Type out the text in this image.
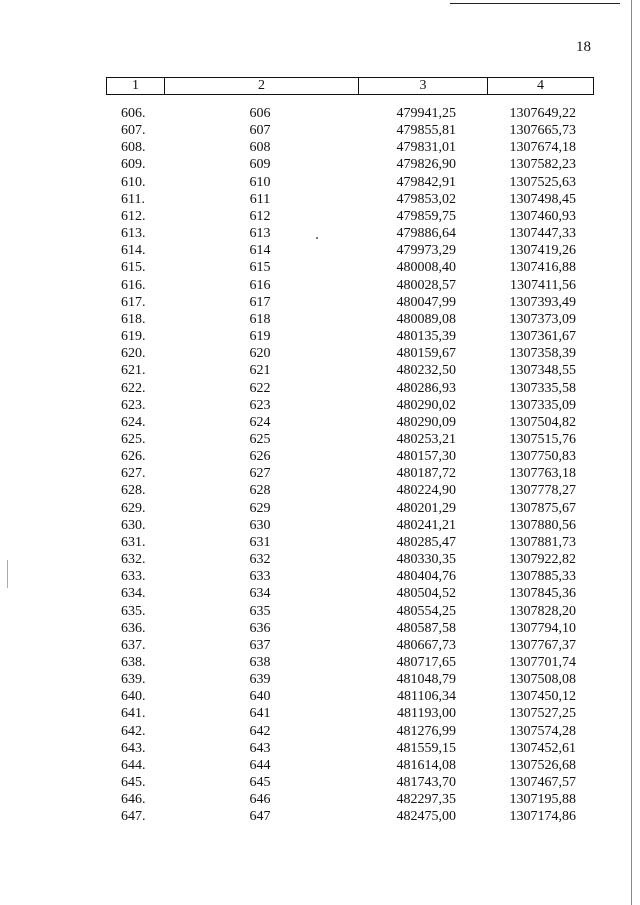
18
1	2	3	4
606.	606	479941,25	1307649,22
607.	607	479855,81	1307665,73
608.	608	479831,01	1307674,18
609.	609	479826,90	1307582,23
610.	610	479842,91	1307525,63
611.	611	479853,02	1307498,45
612.	612	479859,75	1307460,93
613.	613	479886,64	1307447,33
614.	614	479973,29	1307419,26
615.	615	480008,40	1307416,88
616.	616	480028,57	1307411,56
617.	617	480047,99	1307393,49
618.	618	480089,08	1307373,09
619.	619	480135,39	1307361,67
620.	620	480159,67	1307358,39
621.	621	480232,50	1307348,55
622.	622	480286,93	1307335,58
623.	623	480290,02	1307335,09
624.	624	480290,09	1307504,82
625.	625	480253,21	1307515,76
626.	626	480157,30	1307750,83
627.	627	480187,72	1307763,18
628.	628	480224,90	1307778,27
629.	629	480201,29	1307875,67
630.	630	480241,21	1307880,56
631.	631	480285,47	1307881,73
632.	632	480330,35	1307922,82
633.	633	480404,76	1307885,33
634.	634	480504,52	1307845,36
635.	635	480554,25	1307828,20
636.	636	480587,58	1307794,10
637.	637	480667,73	1307767,37
638.	638	480717,65	1307701,74
639.	639	481048,79	1307508,08
640.	640	481106,34	1307450,12
641.	641	481193,00	1307527,25
642.	642	481276,99	1307574,28
643.	643	481559,15	1307452,61
644.	644	481614,08	1307526,68
645.	645	481743,70	1307467,57
646.	646	482297,35	1307195,88
647.	647	482475,00	1307174,86
